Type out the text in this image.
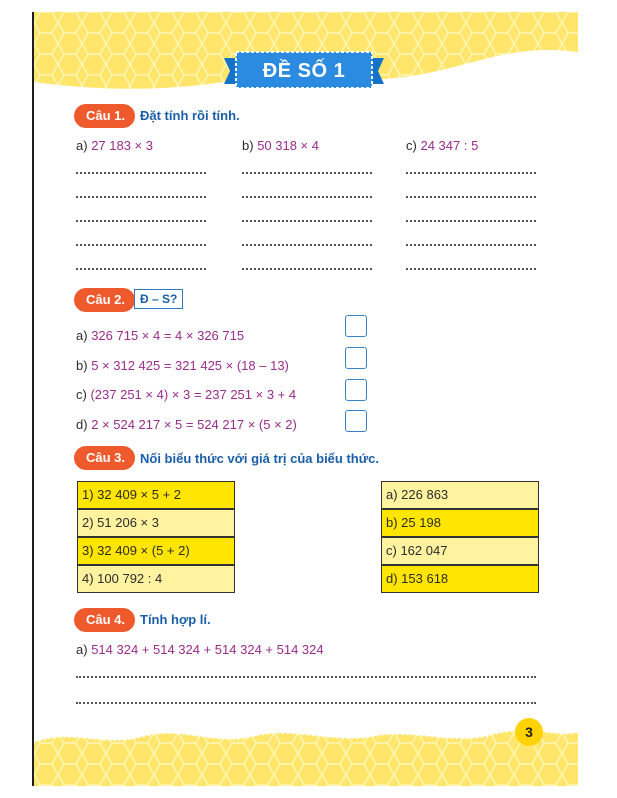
ĐỀ SỐ 1
Câu 1.	Đặt tính rồi tính.
a) 27 183 × 3	b) 50 318 × 4	c) 24 347 : 5
Câu 2.	Đ – S?
a) 326 715 × 4 = 4 × 326 715
b) 5 × 312 425 = 321 425 × (18 – 13)
c) (237 251 × 4) × 3 = 237 251 × 3 + 4
d) 2 × 524 217 × 5 = 524 217 × (5 × 2)
Câu 3.	Nối biểu thức với giá trị của biểu thức.
1) 32 409 × 5 + 2
2) 51 206 × 3
3) 32 409 × (5 + 2)
4) 100 792 : 4
a) 226 863
b) 25 198
c) 162 047
d) 153 618
Câu 4.	Tính hợp lí.
a) 514 324 + 514 324 + 514 324 + 514 324
3
